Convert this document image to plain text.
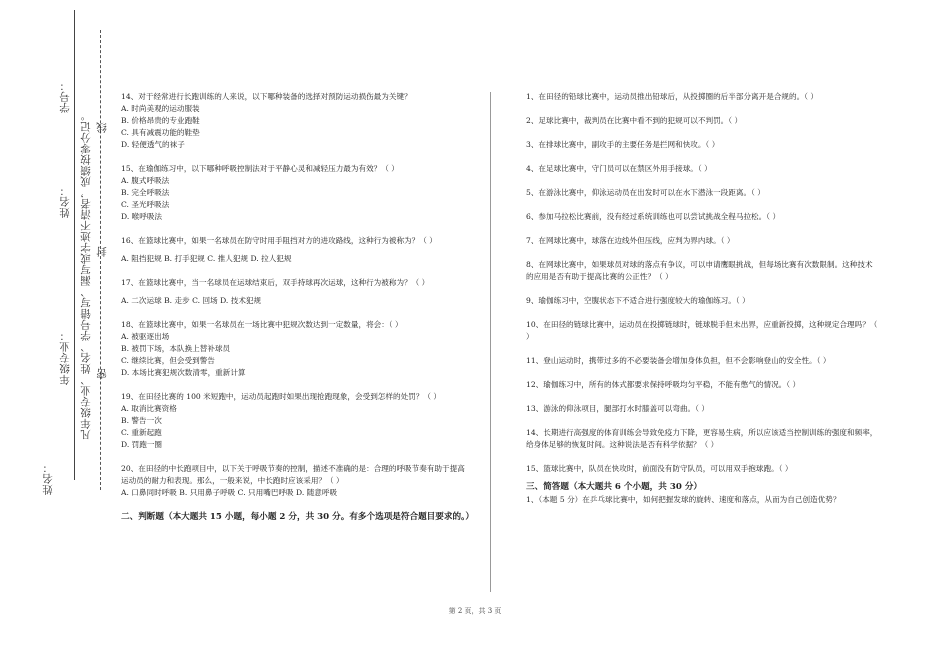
姓名：
年级专业：
姓名：
学号：
凡年级专业、姓名、学号错写、漏写或字迹不清者，成绩按零分记。 密
封
线
14、对于经常进行长跑训练的人来说，以下哪种装备的选择对预防运动损伤最为关键？
A. 时尚美观的运动服装
B. 价格昂贵的专业跑鞋
C. 具有减震功能的鞋垫
D. 轻便透气的袜子
15、在瑜伽练习中，以下哪种呼吸控制法对于平静心灵和减轻压力最为有效？（ ）
A. 腹式呼吸法
B. 完全呼吸法
C. 圣光呼吸法
D. 喉呼吸法
16、在篮球比赛中，如果一名球员在防守时用手阻挡对方的进攻路线，这种行为被称为？（ ）
A. 阻挡犯规 B. 打手犯规 C. 推人犯规 D. 拉人犯规
17、在篮球比赛中，当一名球员在运球结束后，双手持球再次运球，这种行为被称为？（ ）
A. 二次运球 B. 走步 C. 回场 D. 技术犯规
18、在篮球比赛中，如果一名球员在一场比赛中犯规次数达到一定数量，将会：（ ）
A. 被驱逐出场
B. 被罚下场，本队换上替补球员
C. 继续比赛，但会受到警告
D. 本场比赛犯规次数清零，重新计算
19、在田径比赛的 100 米短跑中，运动员起跑时如果出现抢跑现象，会受到怎样的处罚？（ ）
A. 取消比赛资格
B. 警告一次
C. 重新起跑
D. 罚跑一圈
20、在田径的中长跑项目中，以下关于呼吸节奏的控制，描述不准确的是：合理的呼吸节奏有助于提高运动员的耐力和表现。那么，一般来说，中长跑时应该采用？（ ）
A. 口鼻同时呼吸 B. 只用鼻子呼吸 C. 只用嘴巴呼吸 D. 随意呼吸
二、判断题（本大题共 15 小题，每小题 2 分，共 30 分。有多个选项是符合题目要求的。）
1、在田径的铅球比赛中，运动员推出铅球后，从投掷圈的后半部分离开是合规的。（ ）
2、足球比赛中，裁判员在比赛中看不到的犯规可以不判罚。（ ）
3、在排球比赛中，副攻手的主要任务是拦网和快攻。（ ）
4、在足球比赛中，守门员可以在禁区外用手接球。（ ）
5、在游泳比赛中，仰泳运动员在出发时可以在水下潜泳一段距离。（ ）
6、参加马拉松比赛前，没有经过系统训练也可以尝试挑战全程马拉松。（ ）
7、在网球比赛中，球落在边线外但压线，应判为界内球。（ ）
8、在网球比赛中，如果球员对球的落点有争议，可以申请鹰眼挑战，但每场比赛有次数限制。这种技术的应用是否有助于提高比赛的公正性？（ ）
9、瑜伽练习中，空腹状态下不适合进行强度较大的瑜伽练习。（ ）
10、在田径的链球比赛中，运动员在投掷链球时，链球脱手但未出界，应重新投掷，这种规定合理吗？（ ）
11、登山运动时，携带过多的不必要装备会增加身体负担，但不会影响登山的安全性。（ ）
12、瑜伽练习中，所有的体式都要求保持呼吸均匀平稳，不能有憋气的情况。（ ）
13、游泳的仰泳项目，腿部打水时膝盖可以弯曲。（ ）
14、长期进行高强度的体育训练会导致免疫力下降，更容易生病，所以应该适当控制训练的强度和频率，给身体足够的恢复时间。这种说法是否有科学依据？（ ）
15、篮球比赛中，队员在快攻时，前面没有防守队员，可以用双手抱球跑。（ ）
三、简答题（本大题共 6 个小题，共 30 分）
1、（本题 5 分）在乒乓球比赛中，如何把握发球的旋转、速度和落点，从而为自己创造优势？
第 2 页，共 3 页
